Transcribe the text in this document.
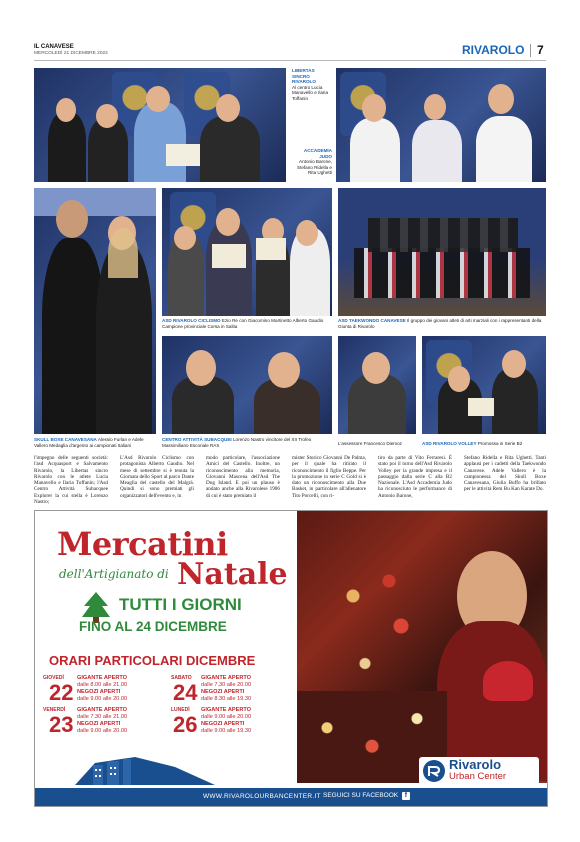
IL CANAVESE
MERCOLEDÌ 21 DICEMBRE 2022	RIVAROLO 7
LIBERTAS SINCRO RIVAROLO
Al centro Lucia Manavello e Ilaria Toffanin
ACCADEMIA JUDO
Antonio Barone, Stefano Ridella e Rita Ughetti
ASD RIVAROLO CICLISMO Ezio Re con Giacomino Martinetto Alberto Gaudio Campione provinciale Corsa in Salita
ASD TAEKWONDO CANAVESE Il gruppo dei giovani atleti di arti marziali con i rappresentanti della Giunta di Rivarolo
SKULL BOXE CANAVESANA Alessio Furlan e Adele Vallero Medaglia d'argento ai campionati Italiani
CENTRO ATTIVITÀ SUBACQUEI Lorenzo Nastro vincitore del XII Trofeo Massimiliano Escoriale RAS	L'assessore Francesco Diemoz	ASD RIVAROLO VOLLEY Promossa in Serie B2
l'impegno delle seguenti società: l'asd Acquasport e Salvamento Rivarolo, la Libertas sincro Rivarolo con le atlete Lucia Manavello e Ilaria Toffanin; l'Asd Centro Attività Subacquee Explorer la cui stella è Lorenzo Nastro;
L'Asd Rivarolo Ciclismo con protagonista Alberto Gaudio. Nel mese di settembre si è tenuta la Giornata dello Sport al parco Dante Meaglia del castello del Malgrà. Quindi si sono premiati gli organizzatori dell'evento e, in
modo particolare, l'associazione Amici del Castello. Inoltre, un riconoscimento alla memoria, Giovanni Mascena dell'Asd The Dog Island. E poi un plauso è andato anche alla Rivarolese 1906 di cui è stato premiato il
mister Storico Giovanni De Palma, per il quale ha ritirato il riconoscimento il figlio Beppe. Per la promozione in serie C Gold si è dato un riconoscimento alla Due Basket, in particolare all'allenatore Tito Porcelli, con ri-
tiro da parte di Vito Ferraresi. È stato poi il turno dell'Asd Rivarolo Volley per la grande impresa e il passaggio dalla serie C alla B2 Nazionale. L'Asd Accademia Judo ha riconosciuto le performance di Antonio Barone,
Stefano Ridella e Rita Ughetti. Tanti applausi per i cadetti della Taekwondo Canavese. Adele Vallero è la campionessa del Skull Boxe Canavesana, Giulia Buffo ha brillato per le attività Rem Bu Kan Karate Do.
Mercatini
dell'Artigianato di Natale
TUTTI I GIORNI
FINO AL 24 DICEMBRE
ORARI PARTICOLARI DICEMBRE
GIOVEDÌ
22
GIGANTE APERTO
dalle 8.00 alle 21.00
NEGOZI APERTI
dalle 9.00 alle 20.00
VENERDÌ
23
GIGANTE APERTO
dalle 7.30 alle 21.00
NEGOZI APERTI
dalle 9.00 alle 20.00
SABATO
24
GIGANTE APERTO
dalle 7.30 alle 20.00
NEGOZI APERTI
dalle 8.30 alle 19.30
LUNEDÌ
26
GIGANTE APERTO
dalle 9.00 alle 20.00
NEGOZI APERTI
dalle 9.00 alle 19.30
Rivarolo
Urban Center
WWW.RIVAROLOURBANCENTER.IT SEGUICI SU FACEBOOK f
